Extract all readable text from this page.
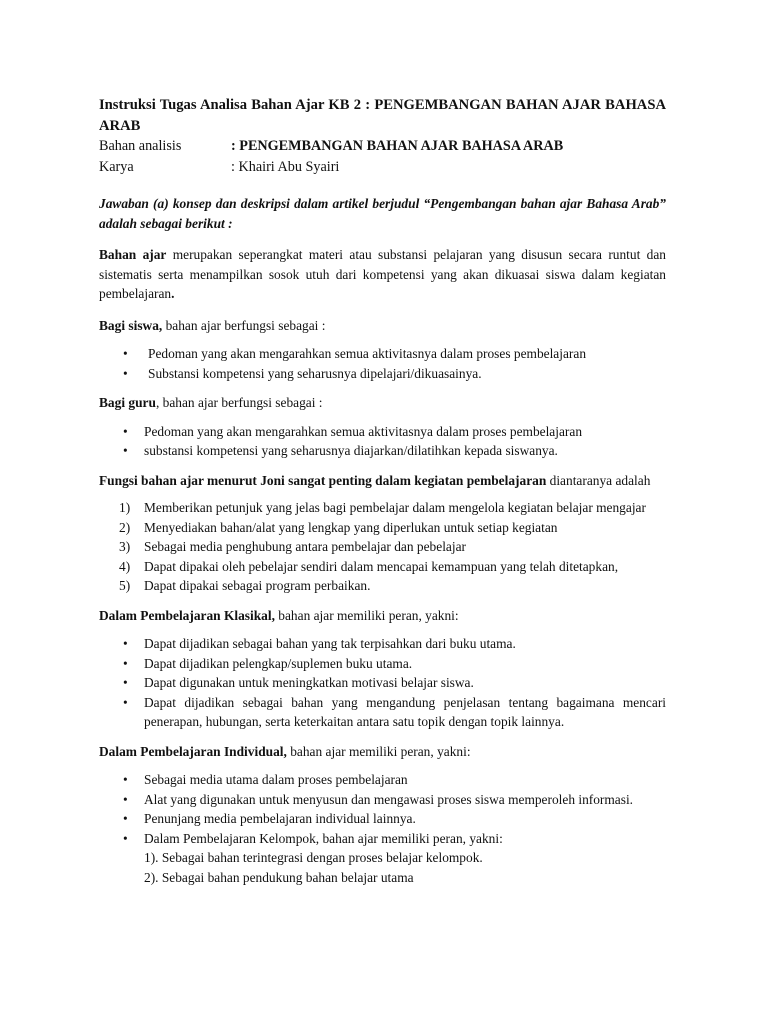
Instruksi Tugas Analisa Bahan Ajar KB 2 : PENGEMBANGAN BAHAN AJAR BAHASA ARAB

Bahan analisis	: PENGEMBANGAN BAHAN AJAR BAHASA ARAB
Karya	: Khairi Abu Syairi

Jawaban (a) konsep dan deskripsi dalam artikel berjudul “Pengembangan bahan ajar Bahasa Arab” adalah sebagai berikut :

Bahan ajar merupakan seperangkat materi atau substansi pelajaran yang disusun secara runtut dan sistematis serta menampilkan sosok utuh dari kompetensi yang akan dikuasai siswa dalam kegiatan pembelajaran.

Bagi siswa, bahan ajar berfungsi sebagai :

• Pedoman yang akan mengarahkan semua aktivitasnya dalam proses pembelajaran
• Substansi kompetensi yang seharusnya dipelajari/dikuasainya.

Bagi guru, bahan ajar berfungsi sebagai :

• Pedoman yang akan mengarahkan semua aktivitasnya dalam proses pembelajaran
• substansi kompetensi yang seharusnya diajarkan/dilatihkan kepada siswanya.

Fungsi bahan ajar menurut Joni sangat penting dalam kegiatan pembelajaran diantaranya adalah

1) Memberikan petunjuk yang jelas bagi pembelajar dalam mengelola kegiatan belajar mengajar
2) Menyediakan bahan/alat yang lengkap yang diperlukan untuk setiap kegiatan
3) Sebagai media penghubung antara pembelajar dan pebelajar
4) Dapat dipakai oleh pebelajar sendiri dalam mencapai kemampuan yang telah ditetapkan,
5) Dapat dipakai sebagai program perbaikan.

Dalam Pembelajaran Klasikal, bahan ajar memiliki peran, yakni:

• Dapat dijadikan sebagai bahan yang tak terpisahkan dari buku utama.
• Dapat dijadikan pelengkap/suplemen buku utama.
• Dapat digunakan untuk meningkatkan motivasi belajar siswa.
• Dapat dijadikan sebagai bahan yang mengandung penjelasan tentang bagaimana mencari penerapan, hubungan, serta keterkaitan antara satu topik dengan topik lainnya.

Dalam Pembelajaran Individual, bahan ajar memiliki peran, yakni:

• Sebagai media utama dalam proses pembelajaran
• Alat yang digunakan untuk menyusun dan mengawasi proses siswa memperoleh informasi.
• Penunjang media pembelajaran individual lainnya.
• Dalam Pembelajaran Kelompok, bahan ajar memiliki peran, yakni:
1). Sebagai bahan terintegrasi dengan proses belajar kelompok.
2). Sebagai bahan pendukung bahan belajar utama
